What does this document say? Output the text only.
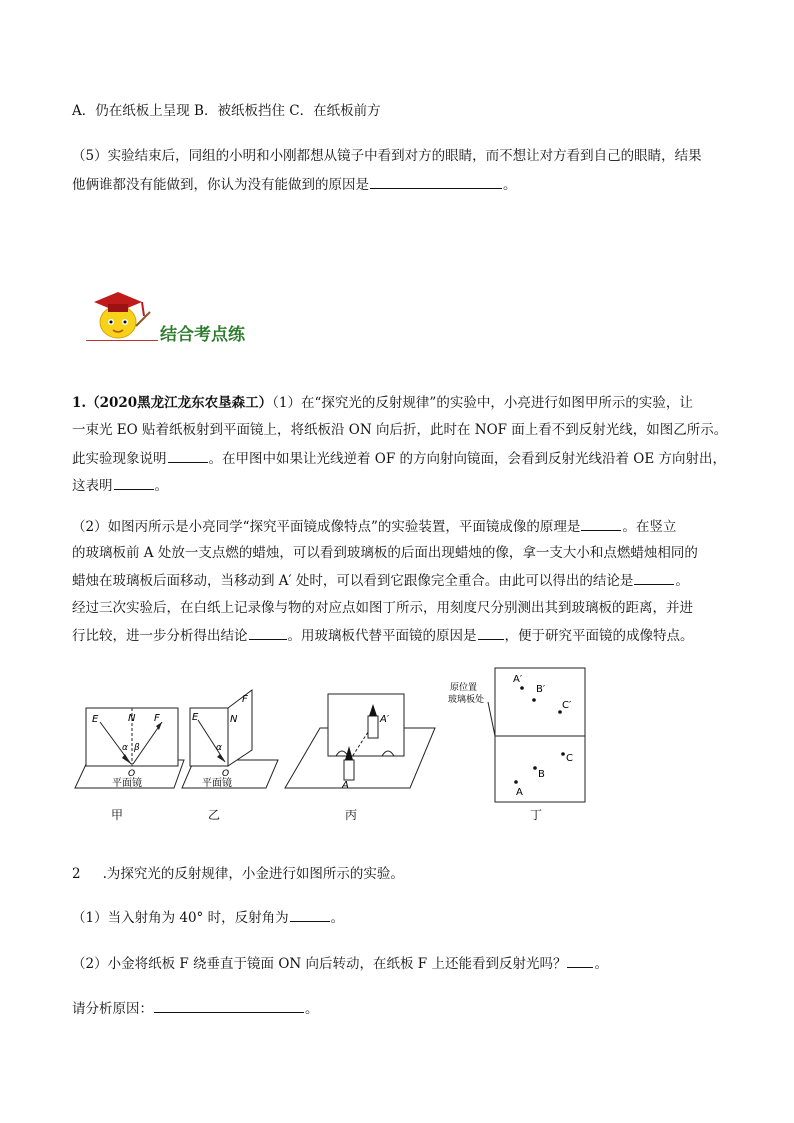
A．仍在纸板上呈现 B．被纸板挡住 C．在纸板前方
（5）实验结束后，同组的小明和小刚都想从镜子中看到对方的眼睛，而不想让对方看到自己的眼睛，结果
他俩谁都没有能做到，你认为没有能做到的原因是	。
结合考点练
1.（2020黑龙江龙东农垦森工）（1）在“探究光的反射规律”的实验中，小亮进行如图甲所示的实验，让
一束光 EO 贴着纸板射到平面镜上，将纸板沿 ON 向后折，此时在 NOF 面上看不到反射光线，如图乙所示。
此实验现象说明	。在甲图中如果让光线逆着 OF 的方向射向镜面，会看到反射光线沿着 OE 方向射出，
这表明	。
（2）如图丙所示是小亮同学“探究平面镜成像特点”的实验装置，平面镜成像的原理是	。在竖立
的玻璃板前 A 处放一支点燃的蜡烛，可以看到玻璃板的后面出现蜡烛的像，拿一支大小和点燃蜡烛相同的
蜡烛在玻璃板后面移动，当移动到 A′ 处时，可以看到它跟像完全重合。由此可以得出的结论是	。
经过三次实验后，在白纸上记录像与物的对应点如图丁所示，用刻度尺分别测出其到玻璃板的距离，并进
行比较，进一步分析得出结论	。用玻璃板代替平面镜的原因是 ，便于研究平面镜的成像特点。
E	N F
α β
O
平面镜
E	N
F
α
O
平面镜	A
A′
原位置
玻璃板处
A′
B′
C′
C
B
A
甲	乙	丙	丁
2 .为探究光的反射规律，小金进行如图所示的实验。
（1）当入射角为 40° 时，反射角为	。
（2）小金将纸板 F 绕垂直于镜面 ON 向后转动，在纸板 F 上还能看到反射光吗？ 。
请分析原因：	。
